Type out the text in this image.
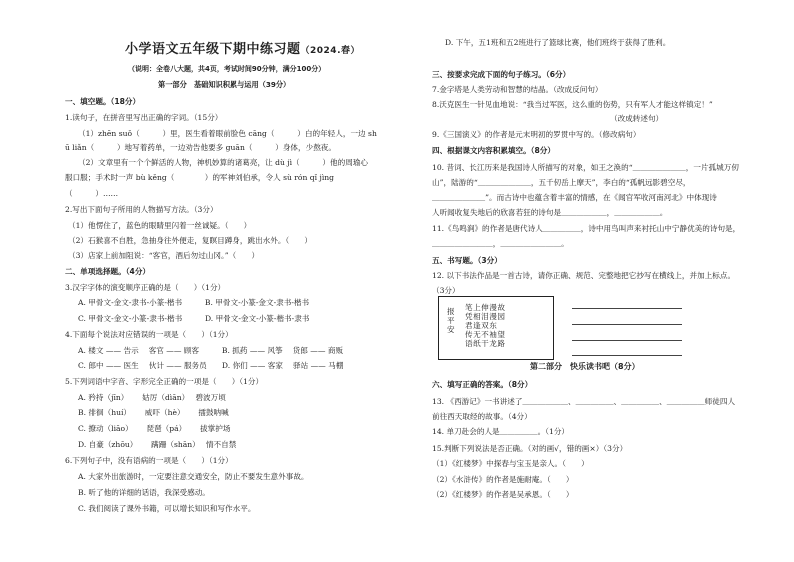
小学语文五年级下期中练习题（2024.春）
（说明：全卷八大题，共4页，考试时间90分钟，满分100分）
第一部分　基础知识积累与运用（39分）
一、填空题。（18分）
1.读句子，在拼音里写出正确的字词。（15分）
（1）zhēn suǒ（　　　）里，医生看着眼前脸色 cāng（　　　）白的年轻人，一边 sh
ū liǎn（　　　）地写着药单，一边劝告他要多 guān（　　　）身体，少熬夜。
（2）文章里有一个个鲜活的人物，神机妙算的诸葛亮，让 dù jì（　　　）他的周瑜心
服口服；手术时一声 bù kěng（　　　　）的军神刘伯承，令人 sù rón qǐ jìng
（　　　）……
2.写出下面句子所用的人物描写方法。（3分）
（1）他愣住了，蓝色的眼睛里闪着一丝诚疑。（　　）
（2）石猴喜不自胜，急抽身往外便走，复瞑目蹲身，跳出水外。（　　）
（3）店家上前加阻说：“客官，酒后勿过山冈。”（　　）
二、单项选择题。（4分）
3.汉字字体的演变顺序正确的是（　　）（1分）
A. 甲骨文-金文-隶书-小篆-楷书　　　B. 甲骨文-小篆-金文-隶书-楷书
C. 甲骨文-金文-小篆-隶书-楷书　　　D. 甲骨文-金文-小篆-楷书-隶书
4.下面每个说法对应错误的一项是（　　）（1分）
A. 楼文 —— 告示　 客官 —— 顾客　　　B. 抓药 —— 风筝　 货郎 —— 商贩
C. 郎中 —— 医生　 伙计 —— 服务员　　D. 你们 —— 客家　 驿站 —— 马棚
5.下列词语中字音、字形完全正确的一项是（　　）（1分）
A. 矜持（jīn）　　 姑厉（dìān）　 碧波万顷
B. 徘徊（huí）　　 威吓（hè）　　 擂鼓呐喊
C. 撩动（liāo）　　 琵琶（pá）　　 拔掌护场
D. 自豪（zhōu）　　 蹒跚（shān）　 情不自禁
6.下列句子中，没有语病的一项是（　　）（1分）
A. 大家外出旅游时，一定要注意交通安全，防止不要发生意外事故。
B. 听了他的详细的话语，我深受感动。
C. 我们阅读了课外书籍，可以增长知识和写作水平。
D. 下午，五1班和五2班进行了篮球比赛，他们班终于获得了胜利。
三、按要求完成下面的句子练习。（6分）
7.金字塔是人类劳动和智慧的结晶。（改成反问句）
8.沃克医生一针见血地说：“我当过军医，这么重的伤势，只有军人才能这样镇定！”
（改成转述句）
9.《三国演义》的作者是元末明初的罗贯中写的。（修改病句）
四、根据课文内容积累填空。（8分）
10. 昔词、长江历来是我国诗人所描写的对象，如王之涣的“＿＿＿＿＿＿＿，一片孤城万仞
山”，陆游的“＿＿＿＿＿＿＿，五千仞岳上摩天”，李白的“孤帆远影碧空尽，
＿＿＿＿＿＿＿”。而古诗中也蕴含着丰富的情感，在《闻官军收河南河北》中体现诗
人听闻收复失地后的欣喜若狂的诗句是＿＿＿＿＿＿，＿＿＿＿＿＿。
11.《鸟鸣涧》的作者是唐代诗人＿＿＿＿＿，诗中用鸟叫声来衬托山中宁静优美的诗句是，
＿＿＿＿＿＿＿＿，＿＿＿＿＿＿＿＿。
五、书写题。（3分）
12. 以下书法作品是一首古诗，请你正确、规范、完整地把它抄写在横线上，并加上标点。
（3分）
报平安
笔上伸漫故
凭相泪漫园
君逢双东
传无不袖望
语纸干龙路
第二部分　快乐读书吧（8分）
六、填写正确的答案。（8分）
13. 《西游记》一书讲述了＿＿＿＿＿＿、＿＿＿＿＿、＿＿＿＿＿、＿＿＿＿＿师徒四人
前往西天取经的故事。（4分）
14. 单刀赴会的人是＿＿＿＿＿。（1分）
15.判断下列说法是否正确。（对的画√，错的画×）（3分）
（1）《红楼梦》中探春与宝玉是亲人。（　　）
（2）《水浒传》的作者是施耐庵。（　　）
（2）《红楼梦》的作者是吴承恩。（　　）
